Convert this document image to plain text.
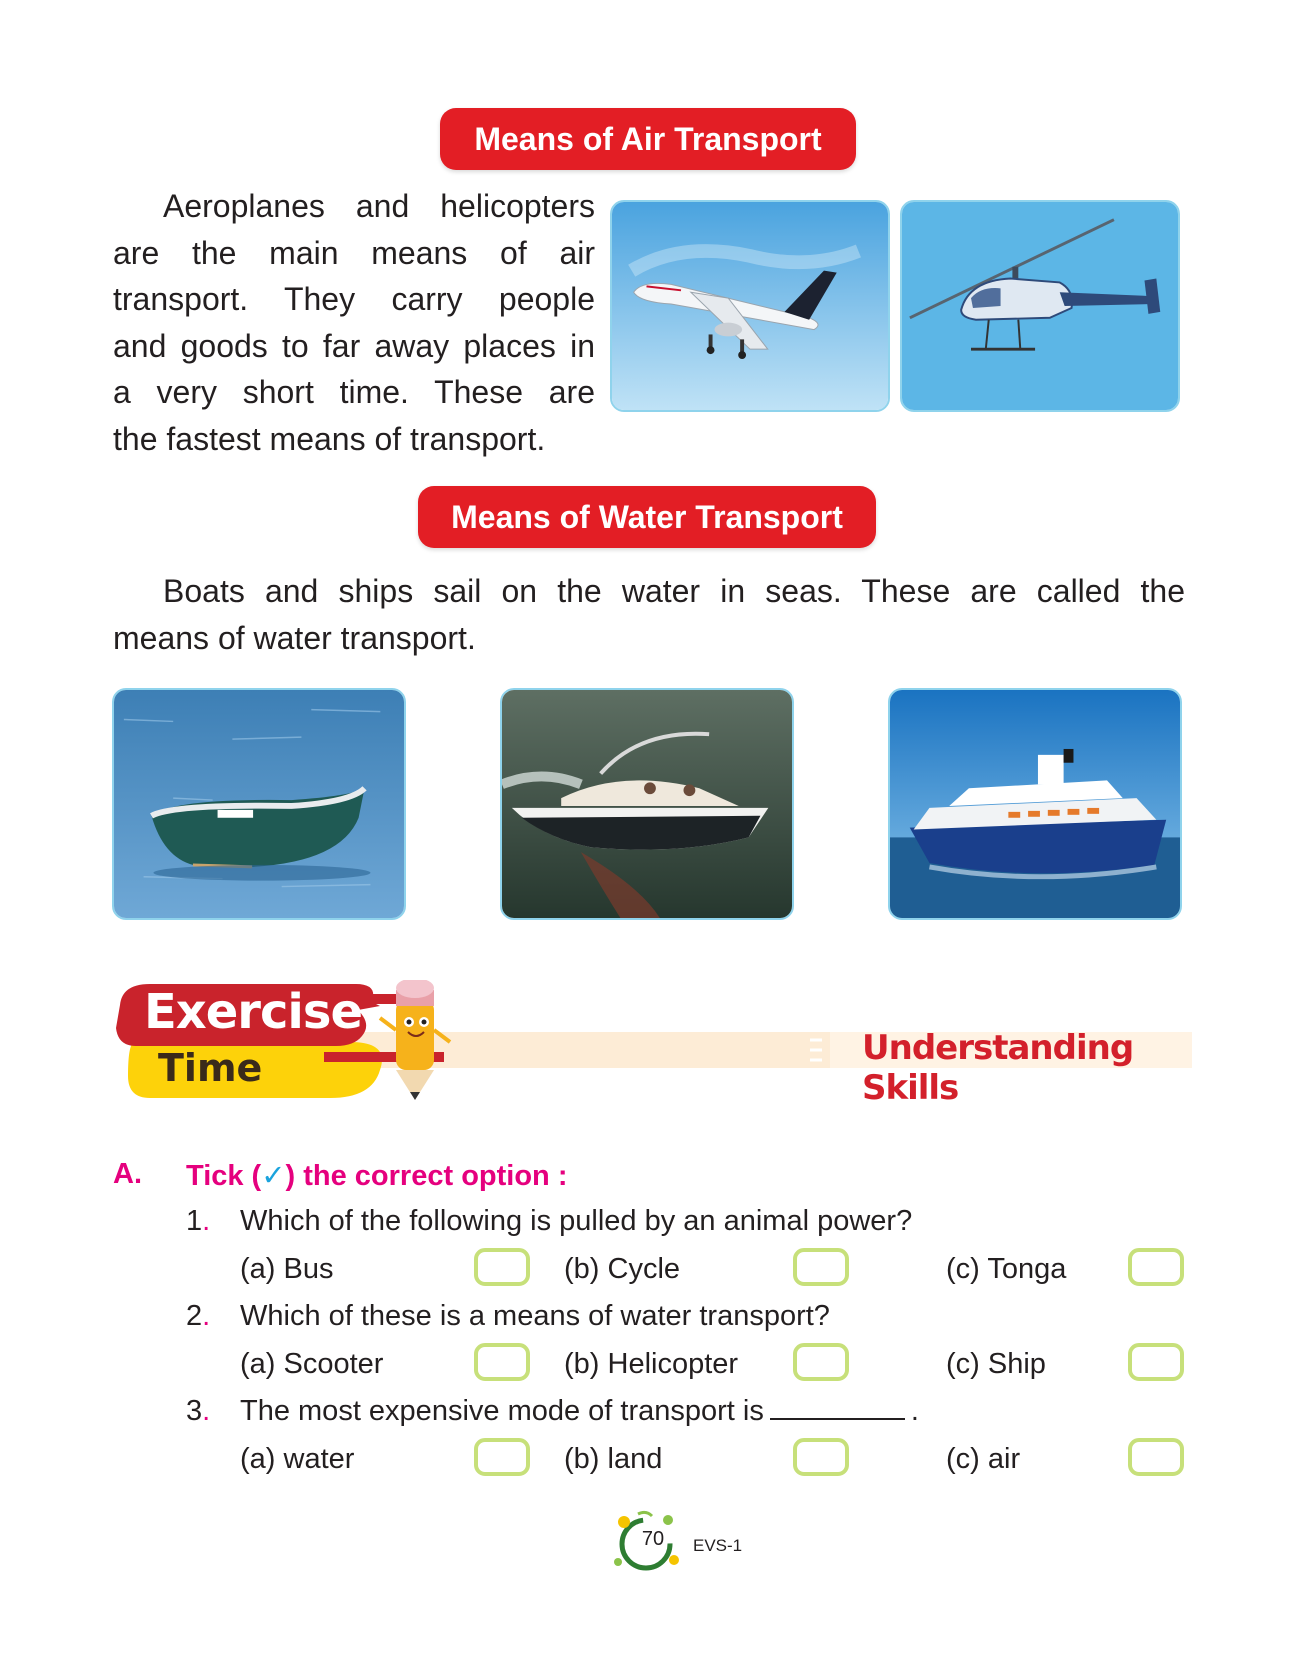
Means of Air Transport
Aeroplanes and helicopters
are the main means of air
transport. They carry people
and goods to far away places in
a very short time. These are
the fastest means of transport.
Means of Water Transport
Boats and ships sail on the water in seas. These are called the
means of water transport.
Exercise
Time	Understanding Skills
A. Tick (✓) the correct option :
1. Which of the following is pulled by an animal power?
(a) Bus	(b) Cycle	(c) Tonga
2. Which of these is a means of water transport?
(a) Scooter	(b) Helicopter	(c) Ship
3. The most expensive mode of transport is	.
(a) water	(b) land	(c) air
70	EVS-1
